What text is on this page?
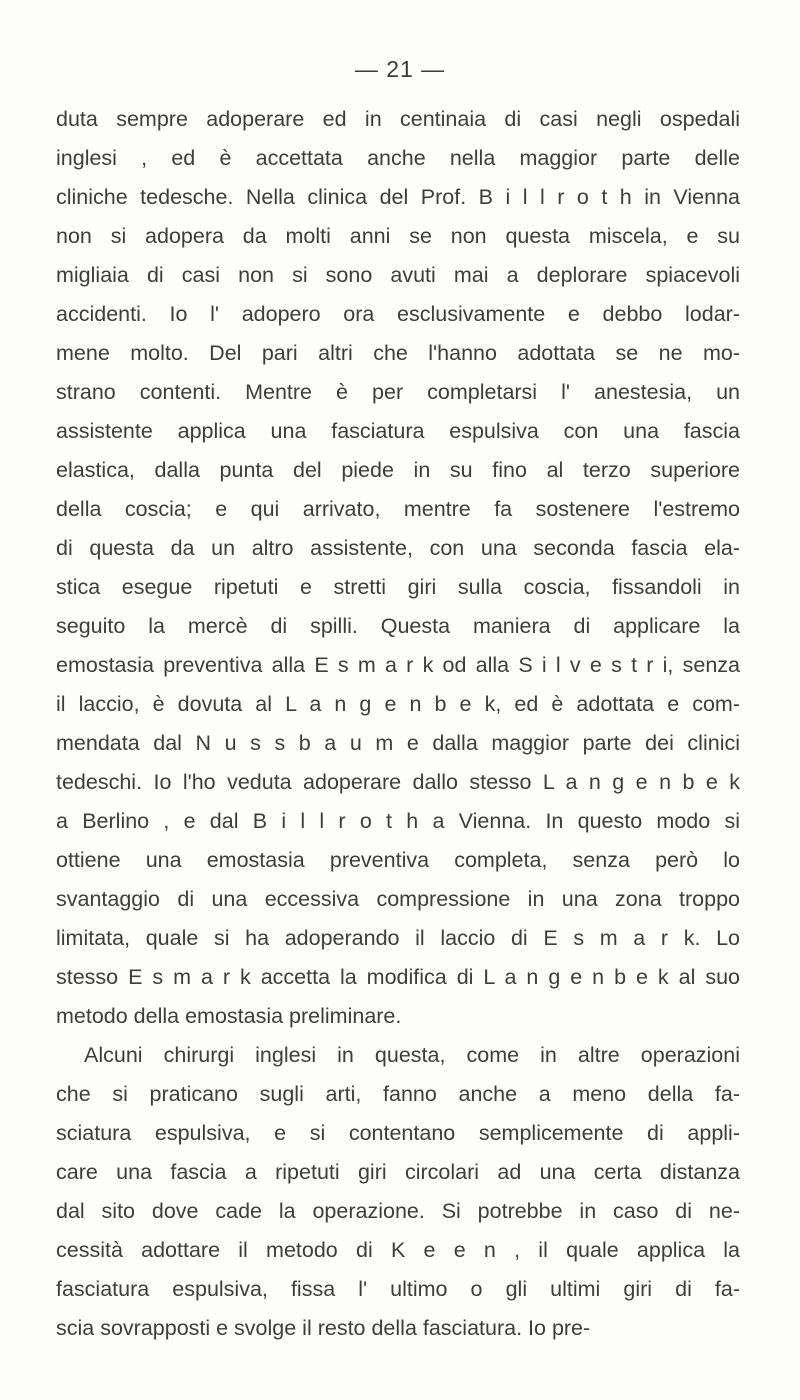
— 21 —
duta sempre adoperare ed in centinaia di casi negli ospedali
inglesi , ed è accettata anche nella maggior parte delle
cliniche tedesche. Nella clinica del Prof. B i l l r o t h in Vienna
non si adopera da molti anni se non questa miscela, e su
migliaia di casi non si sono avuti mai a deplorare spiacevoli
accidenti. Io l' adopero ora esclusivamente e debbo lodar-
mene molto. Del pari altri che l'hanno adottata se ne mo-
strano contenti. Mentre è per completarsi l' anestesia, un
assistente applica una fasciatura espulsiva con una fascia
elastica, dalla punta del piede in su fino al terzo superiore
della coscia; e qui arrivato, mentre fa sostenere l'estremo
di questa da un altro assistente, con una seconda fascia ela-
stica esegue ripetuti e stretti giri sulla coscia, fissandoli in
seguito la mercè di spilli. Questa maniera di applicare la
emostasia preventiva alla E s m a r k od alla S i l v e s t r i, senza
il laccio, è dovuta al L a n g e n b e k, ed è adottata e com-
mendata dal N u s s b a u m e dalla maggior parte dei clinici
tedeschi. Io l'ho veduta adoperare dallo stesso L a n g e n b e k
a Berlino , e dal B i l l r o t h a Vienna. In questo modo si
ottiene una emostasia preventiva completa, senza però lo
svantaggio di una eccessiva compressione in una zona troppo
limitata, quale si ha adoperando il laccio di E s m a r k. Lo
stesso E s m a r k accetta la modifica di L a n g e n b e k al suo
metodo della emostasia preliminare.
Alcuni chirurgi inglesi in questa, come in altre operazioni
che si praticano sugli arti, fanno anche a meno della fa-
sciatura espulsiva, e si contentano semplicemente di appli-
care una fascia a ripetuti giri circolari ad una certa distanza
dal sito dove cade la operazione. Si potrebbe in caso di ne-
cessità adottare il metodo di K e e n , il quale applica la
fasciatura espulsiva, fissa l' ultimo o gli ultimi giri di fa-
scia sovrapposti e svolge il resto della fasciatura. Io pre-
